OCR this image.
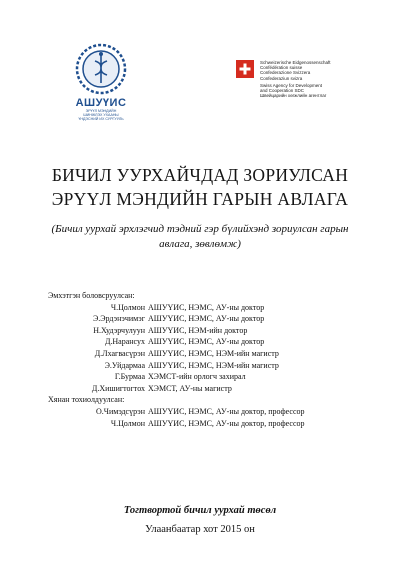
АШУҮИС
ЭРҮҮЛ МЭНДИЙН
ШИНЖЛЭХ УХААНЫ
ҮНДЭСНИЙ ИХ СУРГУУЛЬ
Schweizerische Eidgenossenschaft
Confédération suisse
Confederazione Svizzera
Confederaziun svizra
Swiss Agency for Development
and Cooperation SDC
Швейцарийн хөгжлийн агентлаг
БИЧИЛ УУРХАЙЧДАД ЗОРИУЛСАН
ЭРҮҮЛ МЭНДИЙН ГАРЫН АВЛАГА
(Бичил уурхай эрхлэгчид тэдний гэр бүлийхэнд зориулсан гарын авлага, зөвлөмж)
Эмхэтгэн боловсруулсан:
Ч.Цолмон АШУҮИС, НЭМС, АУ-ны доктор
Э.Эрдэнэчимэг АШУҮИС, НЭМС, АУ-ны доктор
Н.Худэрчулуун АШУҮИС, НЭМ-ийн доктор
Д.Нарансух АШУҮИС, НЭМС, АУ-ны доктор
Д.Лхагвасүрэн АШУҮИС, НЭМС, НЭМ-ийн магистр
Э.Уйдармаа АШУҮИС, НЭМС, НЭМ-ийн магистр
Г.Бурмаа ХЭМСТ-ийн орлогч захирал
Д.Хишигтогтох ХЭМСТ, АУ-ны магистр
Хянан тохиолдуулсан:
О.Чимэдсүрэн АШУҮИС, НЭМС, АУ-ны доктор, профессор
Ч.Цолмон АШУҮИС, НЭМС, АУ-ны доктор, профессор
Тогтвортой бичил уурхай төсөл
Улаанбаатар хот 2015 он
